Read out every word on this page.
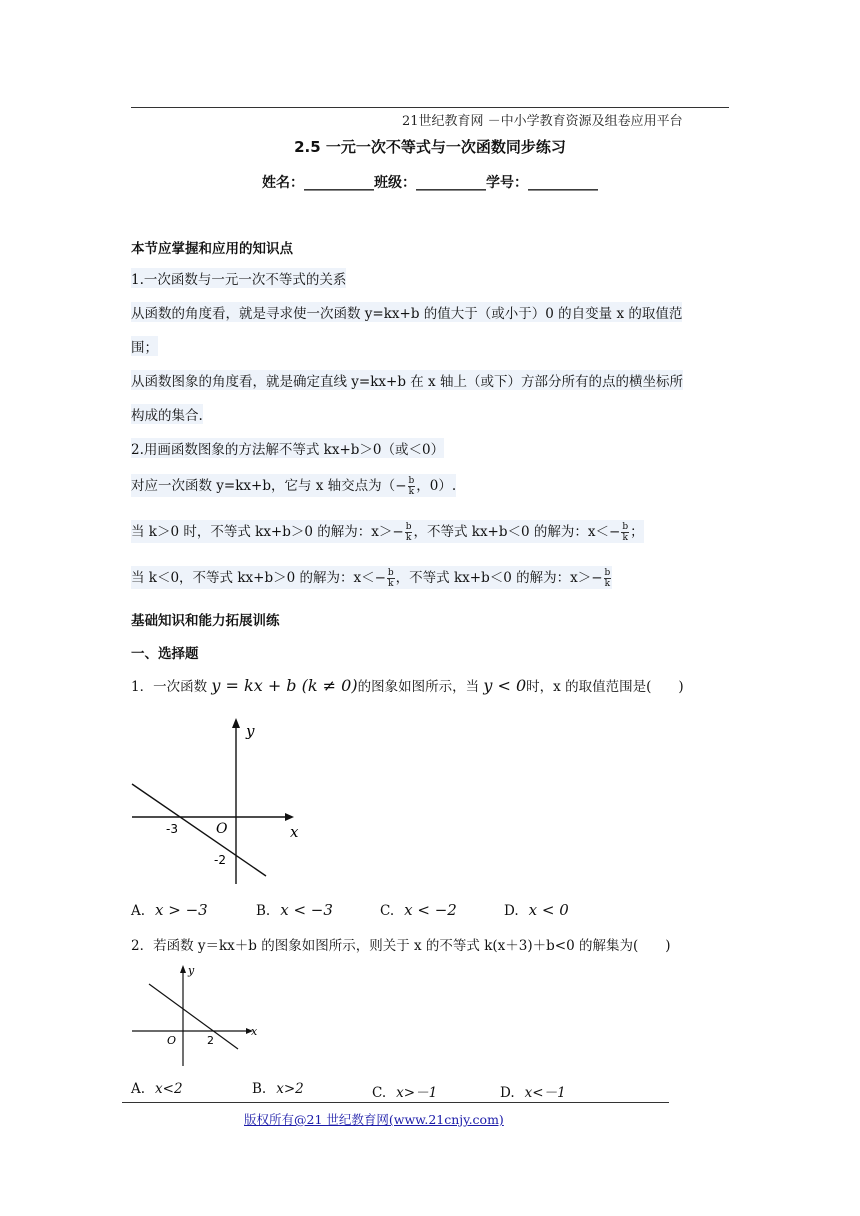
21世纪教育网 －中小学教育资源及组卷应用平台
2.5 一元一次不等式与一次函数同步练习
姓名：__________班级：__________学号：__________
本节应掌握和应用的知识点
1.一次函数与一元一次不等式的关系
从函数的角度看，就是寻求使一次函数 y=kx+b 的值大于（或小于）0 的自变量 x 的取值范
围；
从函数图象的角度看，就是确定直线 y=kx+b 在 x 轴上（或下）方部分所有的点的横坐标所
构成的集合.
2.用画函数图象的方法解不等式 kx+b＞0（或＜0）
对应一次函数 y=kx+b，它与 x 轴交点为（− $\frac{b}{k}$ ，0）.
当 k＞0 时，不等式 kx+b＞0 的解为：$x>- \frac{b}{k}$ ，不等式 kx+b＜0 的解为：$x<- \frac{b}{k}$ ；
当 k＜0，不等式 kx+b＞0 的解为：$x<- \frac{b}{k}$ ，不等式 kx+b＜0 的解为：$x>- \frac{b}{k}$
基础知识和能力拓展训练
一、选择题
1．一次函数 y = kx + b (k ≠ 0)的图象如图所示，当 y < 0时，x 的取值范围是(　　)
y
x
O
-3
-2
A. x > −3	B. x < −3	C. x < −2	D. x < 0
2．若函数 y＝kx＋b 的图象如图所示，则关于 x 的不等式 k(x＋3)＋b<0 的解集为(　　)
y
x
O	2
A. x<2	B. x>2	C. x>－1	D. x<－1
版权所有@21 世纪教育网(www.21cnjy.com)
